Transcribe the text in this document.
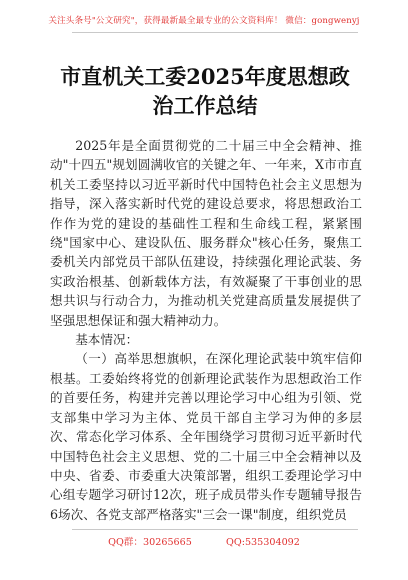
关注头条号"公文研究"，获得最新最全最专业的公文资料库！ 微信：gongwenyj
市直机关工委2025年度思想政治工作总结

2025年是全面贯彻党的二十届三中全会精神、推动"十四五"规划圆满收官的关键之年、一年来，X市市直机关工委坚持以习近平新时代中国特色社会主义思想为指导，深入落实新时代党的建设总要求，将思想政治工作作为党的建设的基础性工程和生命线工程，紧紧围绕"国家中心、建设队伍、服务群众"核心任务，聚焦工委机关内部党员干部队伍建设，持续强化理论武装、务实政治根基、创新载体方法，有效凝聚了干事创业的思想共识与行动合力，为推动机关党建高质量发展提供了坚强思想保证和强大精神动力。

基本情况：

（一）高举思想旗帜，在深化理论武装中筑牢信仰根基。工委始终将党的创新理论武装作为思想政治工作的首要任务，构建并完善以理论学习中心组为引领、党支部集中学习为主体、党员干部自主学习为伸的多层次、常态化学习体系、全年围绕学习贯彻习近平新时代中国特色社会主义思想、党的二十届三中全会精神以及中央、省委、市委重大决策部署，组织工委理论学习中心组专题学习研讨12次，班子成员带头作专题辅导报告6场次、各党支部严格落实"三会一课"制度，组织党员

QQ群：30265665	QQ:535304092
